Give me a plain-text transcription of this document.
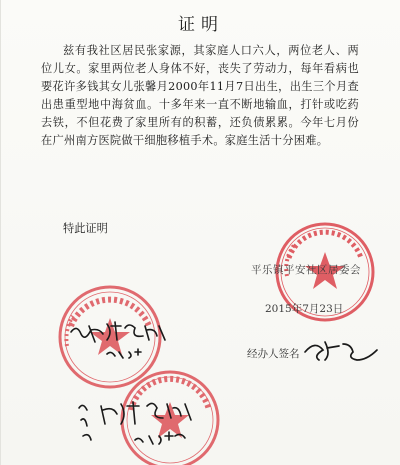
证明

兹有我社区居民张家源，其家庭人口六人，两位老人、两位儿女。家里两位老人身体不好，丧失了劳动力，每年看病也要花许多钱其女儿张馨月2000年11月7日出生，出生三个月查出患重型地中海贫血。十多年来一直不断地输血，打针或吃药去铁，不但花费了家里所有的积蓄，还负债累累。今年七月份在广州南方医院做干细胞移植手术。家庭生活十分困难。

特此证明
平乐镇平安社区居委会
2015年7月23日
经办人签名
